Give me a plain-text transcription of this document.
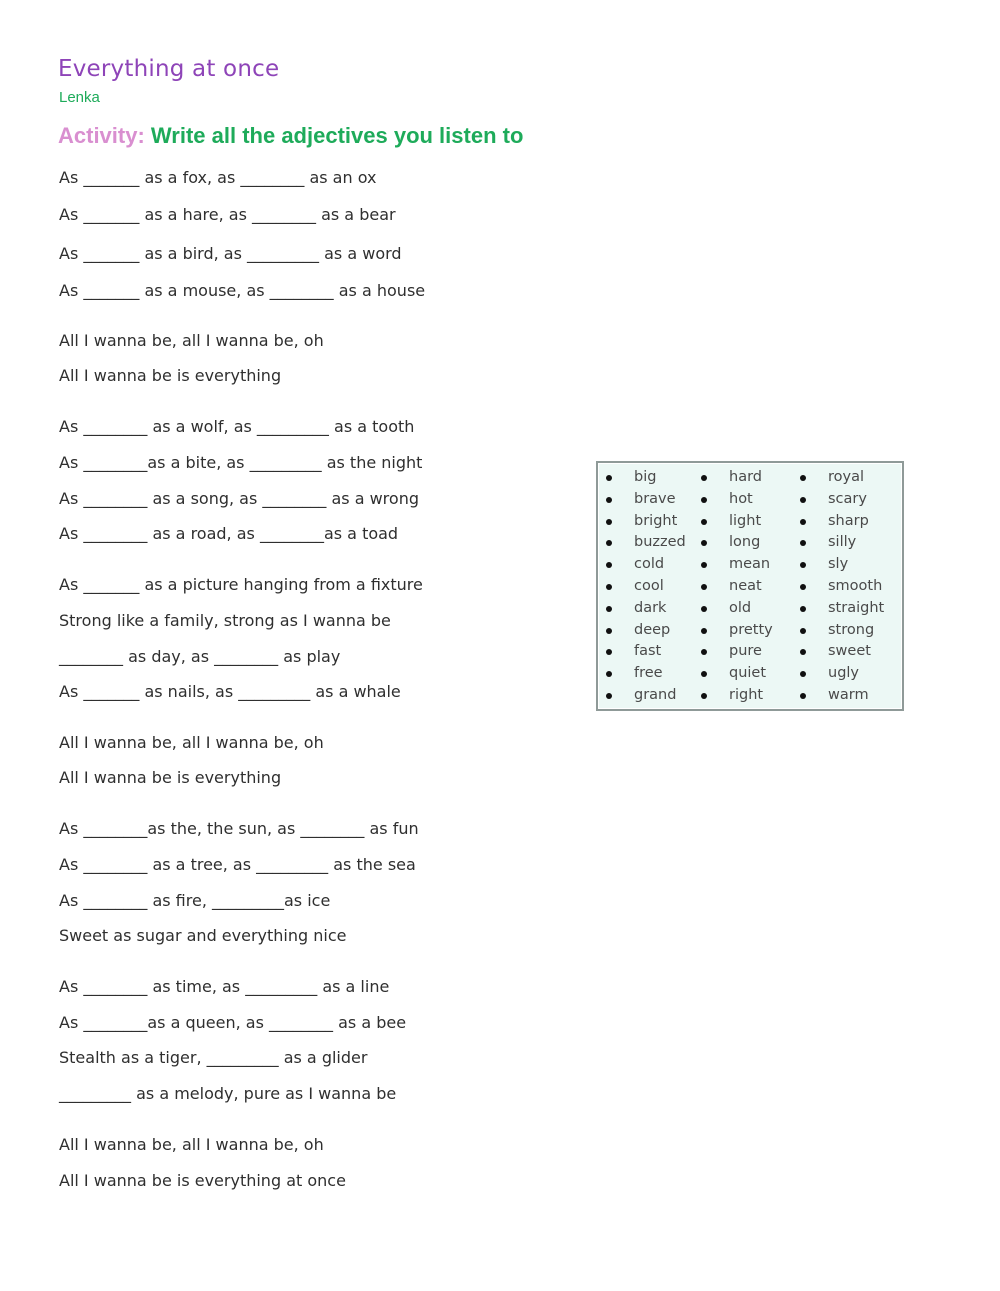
Everything at once
Lenka
Activity: Write all the adjectives you listen to
As _______ as a fox, as ________ as an ox
As _______ as a hare, as ________ as a bear
As _______ as a bird, as _________ as a word
As _______ as a mouse, as ________ as a house
All I wanna be, all I wanna be, oh
All I wanna be is everything
As ________ as a wolf, as _________ as a tooth
As ________as a bite, as _________ as the night
As ________ as a song, as ________ as a wrong
As ________ as a road, as ________as a toad
As _______ as a picture hanging from a fixture
Strong like a family, strong as I wanna be
________ as day, as ________ as play
As _______ as nails, as _________ as a whale
All I wanna be, all I wanna be, oh
All I wanna be is everything
As ________as the, the sun, as ________ as fun
As ________ as a tree, as _________ as the sea
As ________ as fire, _________as ice
Sweet as sugar and everything nice
As ________ as time, as _________ as a line
As ________as a queen, as ________ as a bee
Stealth as a tiger, _________ as a glider
_________ as a melody, pure as I wanna be
All I wanna be, all I wanna be, oh
All I wanna be is everything at once
big
brave
bright
buzzed
cold
cool
dark
deep
fast
free
grand
hard
hot
light
long
mean
neat
old
pretty
pure
quiet
right
royal
scary
sharp
silly
sly
smooth
straight
strong
sweet
ugly
warm
